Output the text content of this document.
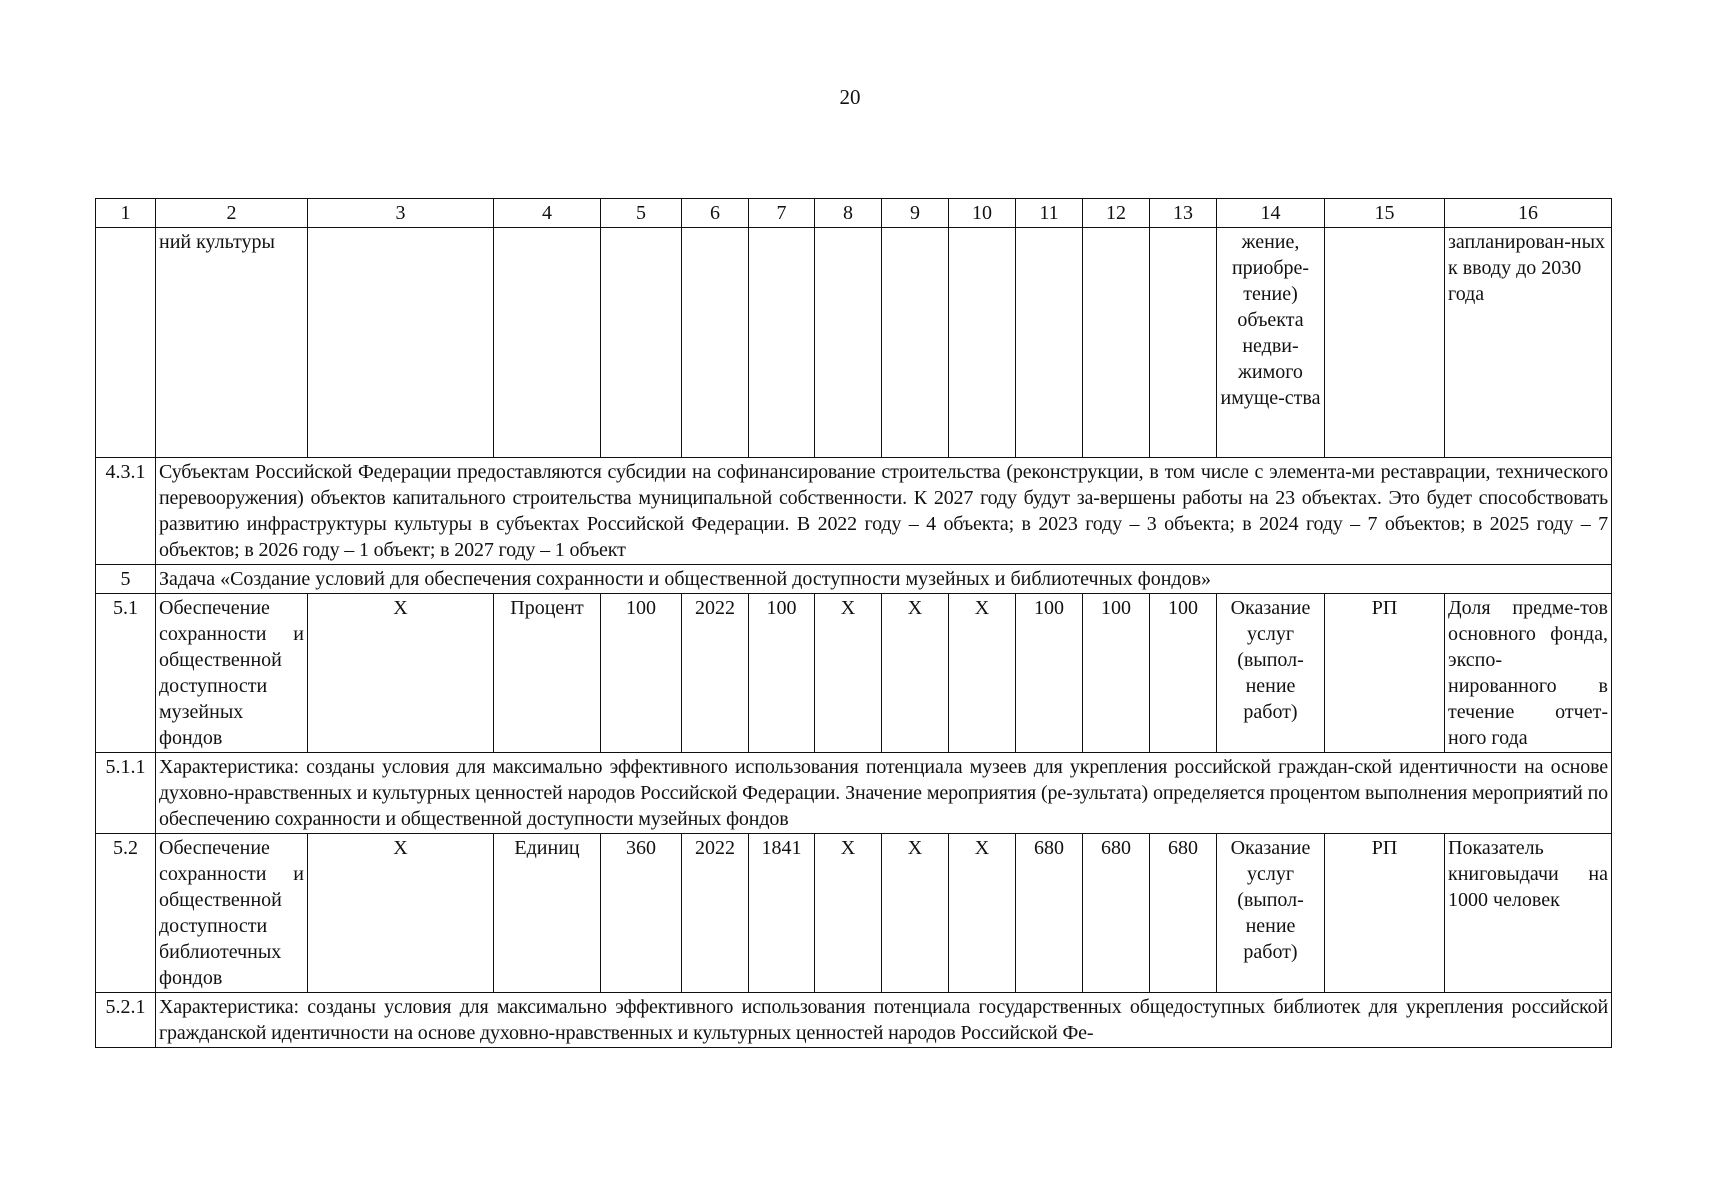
20
1	2	3	4	5	6	7	8	9	10	11	12	13	14	15	16
	ний культуры												жение, приобре-тение) объекта недви-жимого имуще-ства		запланирован-ных к вводу до 2030 года
4.3.1	Субъектам Российской Федерации предоставляются субсидии на софинансирование строительства (реконструкции, в том числе с элемента-ми реставрации, технического перевооружения) объектов капитального строительства муниципальной собственности. К 2027 году будут за-вершены работы на 23 объектах. Это будет способствовать развитию инфраструктуры культуры в субъектах Российской Федерации. В 2022 году – 4 объекта; в 2023 году – 3 объекта; в 2024 году – 7 объектов; в 2025 году – 7 объектов; в 2026 году – 1 объект; в 2027 году – 1 объект														
5	Задача «Создание условий для обеспечения сохранности и общественной доступности музейных и библиотечных фондов»														
5.1	Обеспечение сохранности и общественной доступности музейных фондов	Х	Процент	100	2022	100	Х	Х	Х	100	100	100	Оказание услуг (выпол-нение работ)	РП	Доля предме-тов основного фонда, экспо-нированного в течение отчет-ного года
5.1.1	Характеристика: созданы условия для максимально эффективного использования потенциала музеев для укрепления российской граждан-ской идентичности на основе духовно-нравственных и культурных ценностей народов Российской Федерации. Значение мероприятия (ре-зультата) определяется процентом выполнения мероприятий по обеспечению сохранности и общественной доступности музейных фондов														
5.2	Обеспечение сохранности и общественной доступности библиотечных фондов	Х	Единиц	360	2022	1841	Х	Х	Х	680	680	680	Оказание услуг (выпол-нение работ)	РП	Показатель книговыдачи на 1000 человек
5.2.1	Характеристика: созданы условия для максимально эффективного использования потенциала государственных общедоступных библиотек для укрепления российской гражданской идентичности на основе духовно-нравственных и культурных ценностей народов Российской Фе-														
